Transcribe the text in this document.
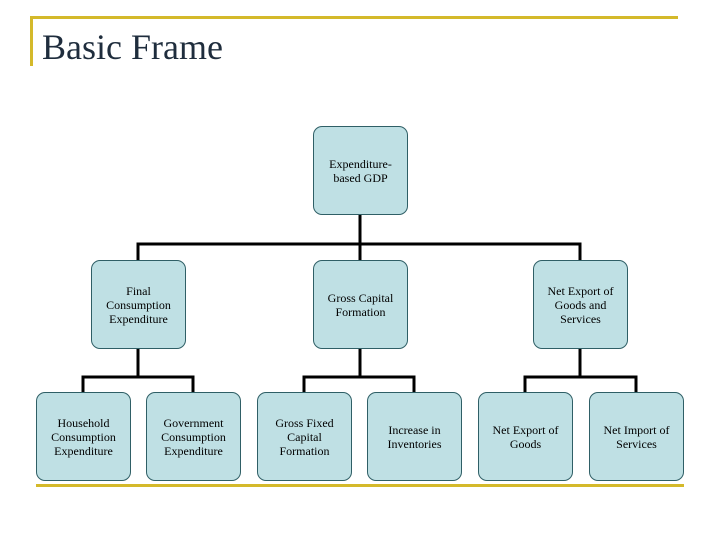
Basic Frame
Expenditure-
based GDP
Final
Consumption
Expenditure
Gross Capital
Formation
Net Export of
Goods and
Services
Household
Consumption
Expenditure
Government
Consumption
Expenditure
Gross Fixed
Capital
Formation
Increase in
Inventories
Net Export of
Goods
Net Import of
Services
